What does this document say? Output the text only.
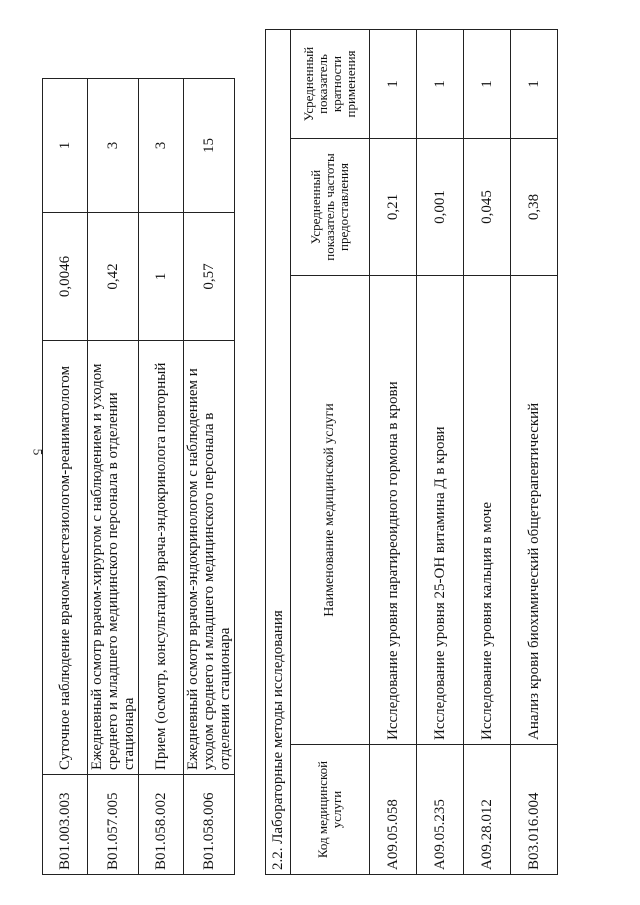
5
B01.003.003	Суточное наблюдение врачом-анестезиологом-реаниматологом	0,0046	1
B01.057.005	Ежедневный осмотр врачом-хирургом с наблюдением и уходом среднего и младшего медицинского персонала в отделении стационара	0,42	3
B01.058.002	Прием (осмотр, консультация) врача-эндокринолога повторный	1	3
B01.058.006	Ежедневный осмотр врачом-эндокринологом с наблюдением и уходом среднего и младшего медицинского персонала в отделении стационара	0,57	15
2.2. Лабораторные методы исследования			
Код медицинской услуги	Наименование медицинской услуги	Усредненный показатель частоты предоставления	Усредненный показатель кратности применения
A09.05.058	Исследование уровня паратиреоидного гормона в крови	0,21	1
A09.05.235	Исследование уровня 25-ОН витамина Д в крови	0,001	1
A09.28.012	Исследование уровня кальция в моче	0,045	1
B03.016.004	Анализ крови биохимический общетерапевтический	0,38	1
